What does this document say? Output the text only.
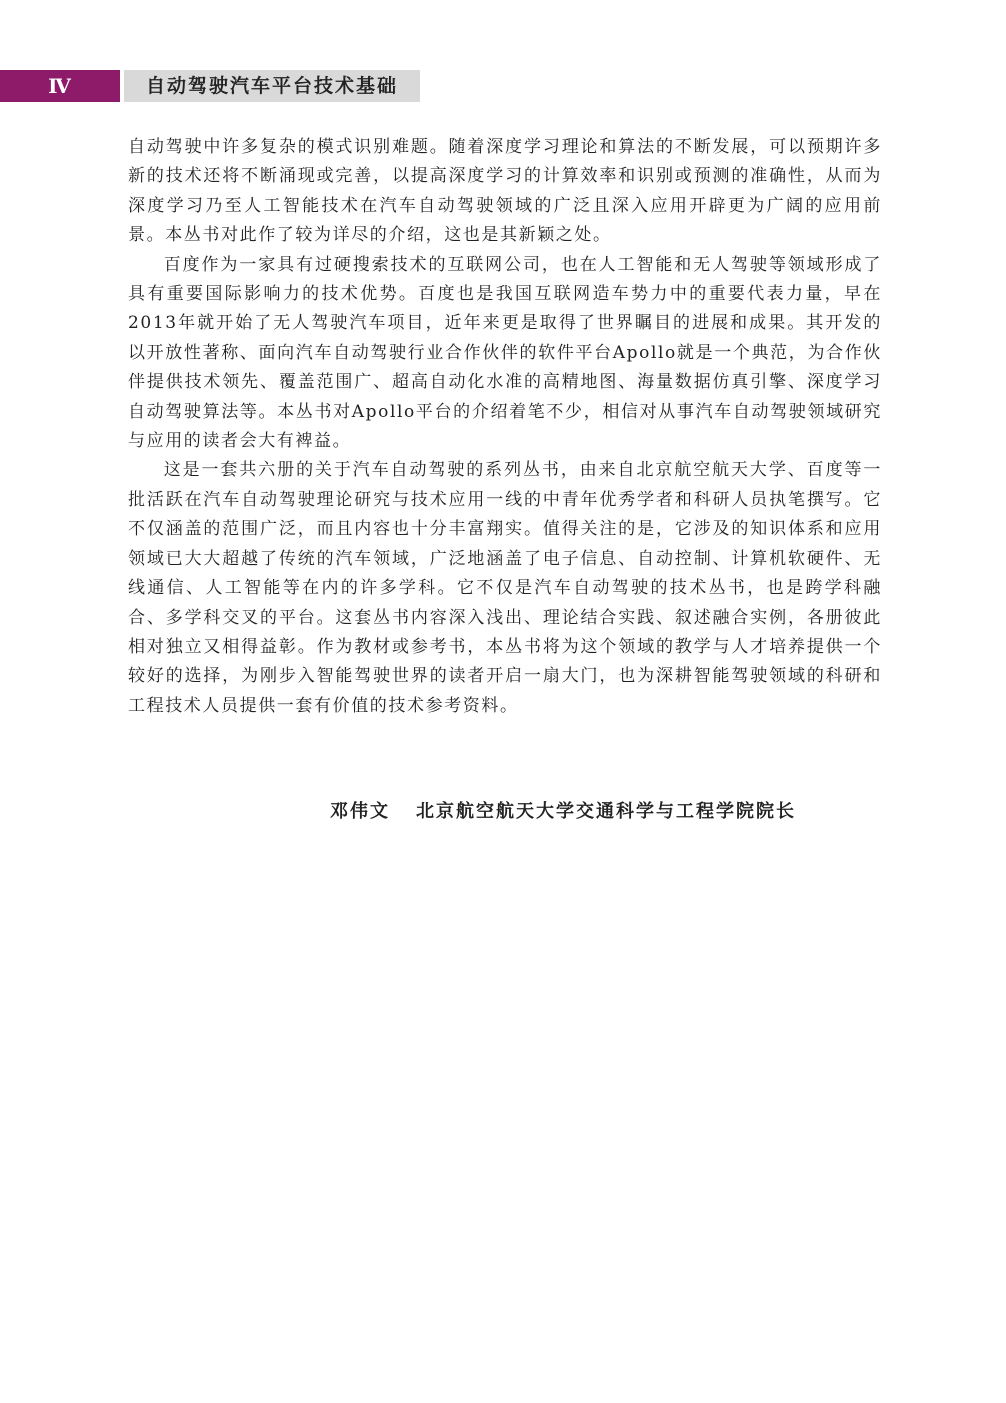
Ⅳ	自动驾驶汽车平台技术基础

自动驾驶中许多复杂的模式识别难题。随着深度学习理论和算法的不断发展，可以预期许多新的技术还将不断涌现或完善，以提高深度学习的计算效率和识别或预测的准确性，从而为深度学习乃至人工智能技术在汽车自动驾驶领域的广泛且深入应用开辟更为广阔的应用前景。本丛书对此作了较为详尽的介绍，这也是其新颖之处。

百度作为一家具有过硬搜索技术的互联网公司，也在人工智能和无人驾驶等领域形成了具有重要国际影响力的技术优势。百度也是我国互联网造车势力中的重要代表力量，早在2013年就开始了无人驾驶汽车项目，近年来更是取得了世界瞩目的进展和成果。其开发的以开放性著称、面向汽车自动驾驶行业合作伙伴的软件平台Apollo就是一个典范，为合作伙伴提供技术领先、覆盖范围广、超高自动化水准的高精地图、海量数据仿真引擎、深度学习自动驾驶算法等。本丛书对Apollo平台的介绍着笔不少，相信对从事汽车自动驾驶领域研究与应用的读者会大有裨益。

这是一套共六册的关于汽车自动驾驶的系列丛书，由来自北京航空航天大学、百度等一批活跃在汽车自动驾驶理论研究与技术应用一线的中青年优秀学者和科研人员执笔撰写。它不仅涵盖的范围广泛，而且内容也十分丰富翔实。值得关注的是，它涉及的知识体系和应用领域已大大超越了传统的汽车领域，广泛地涵盖了电子信息、自动控制、计算机软硬件、无线通信、人工智能等在内的许多学科。它不仅是汽车自动驾驶的技术丛书，也是跨学科融合、多学科交叉的平台。这套丛书内容深入浅出、理论结合实践、叙述融合实例，各册彼此相对独立又相得益彰。作为教材或参考书，本丛书将为这个领域的教学与人才培养提供一个较好的选择，为刚步入智能驾驶世界的读者开启一扇大门，也为深耕智能驾驶领域的科研和工程技术人员提供一套有价值的技术参考资料。

邓伟文 北京航空航天大学交通科学与工程学院院长
